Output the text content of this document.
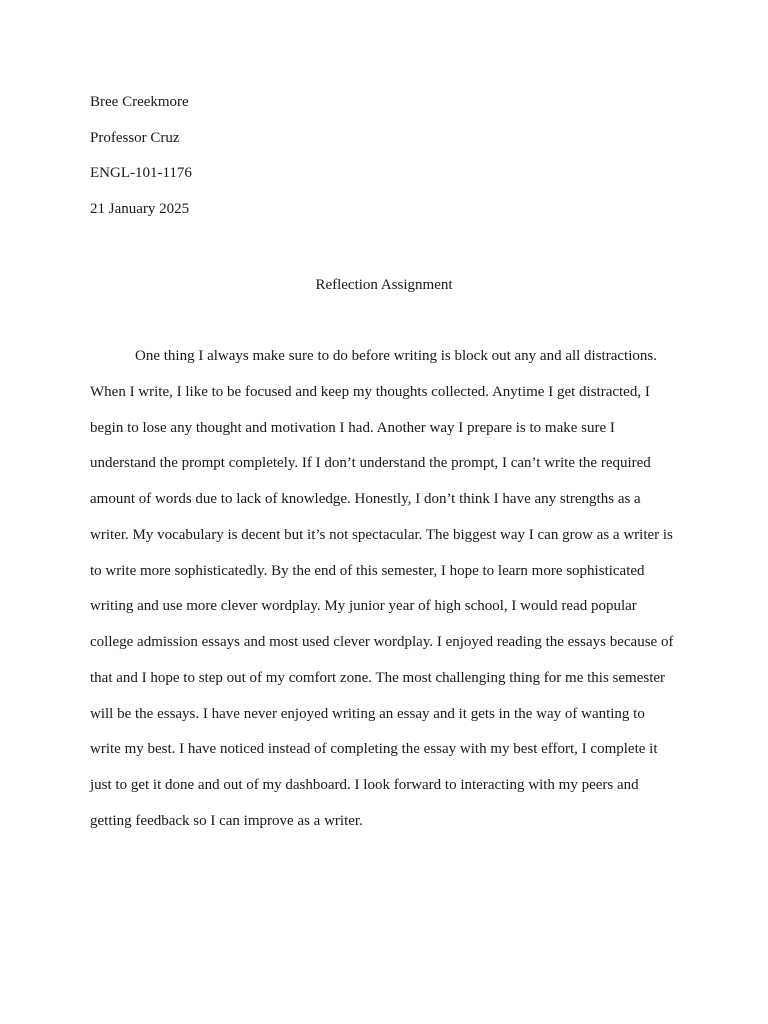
Bree Creekmore
Professor Cruz
ENGL-101-1176
21 January 2025
Reflection Assignment
One thing I always make sure to do before writing is block out any and all distractions.
When I write, I like to be focused and keep my thoughts collected. Anytime I get distracted, I
begin to lose any thought and motivation I had. Another way I prepare is to make sure I
understand the prompt completely. If I don’t understand the prompt, I can’t write the required
amount of words due to lack of knowledge. Honestly, I don’t think I have any strengths as a
writer. My vocabulary is decent but it’s not spectacular. The biggest way I can grow as a writer is
to write more sophisticatedly. By the end of this semester, I hope to learn more sophisticated
writing and use more clever wordplay. My junior year of high school, I would read popular
college admission essays and most used clever wordplay. I enjoyed reading the essays because of
that and I hope to step out of my comfort zone. The most challenging thing for me this semester
will be the essays. I have never enjoyed writing an essay and it gets in the way of wanting to
write my best. I have noticed instead of completing the essay with my best effort, I complete it
just to get it done and out of my dashboard. I look forward to interacting with my peers and
getting feedback so I can improve as a writer.
